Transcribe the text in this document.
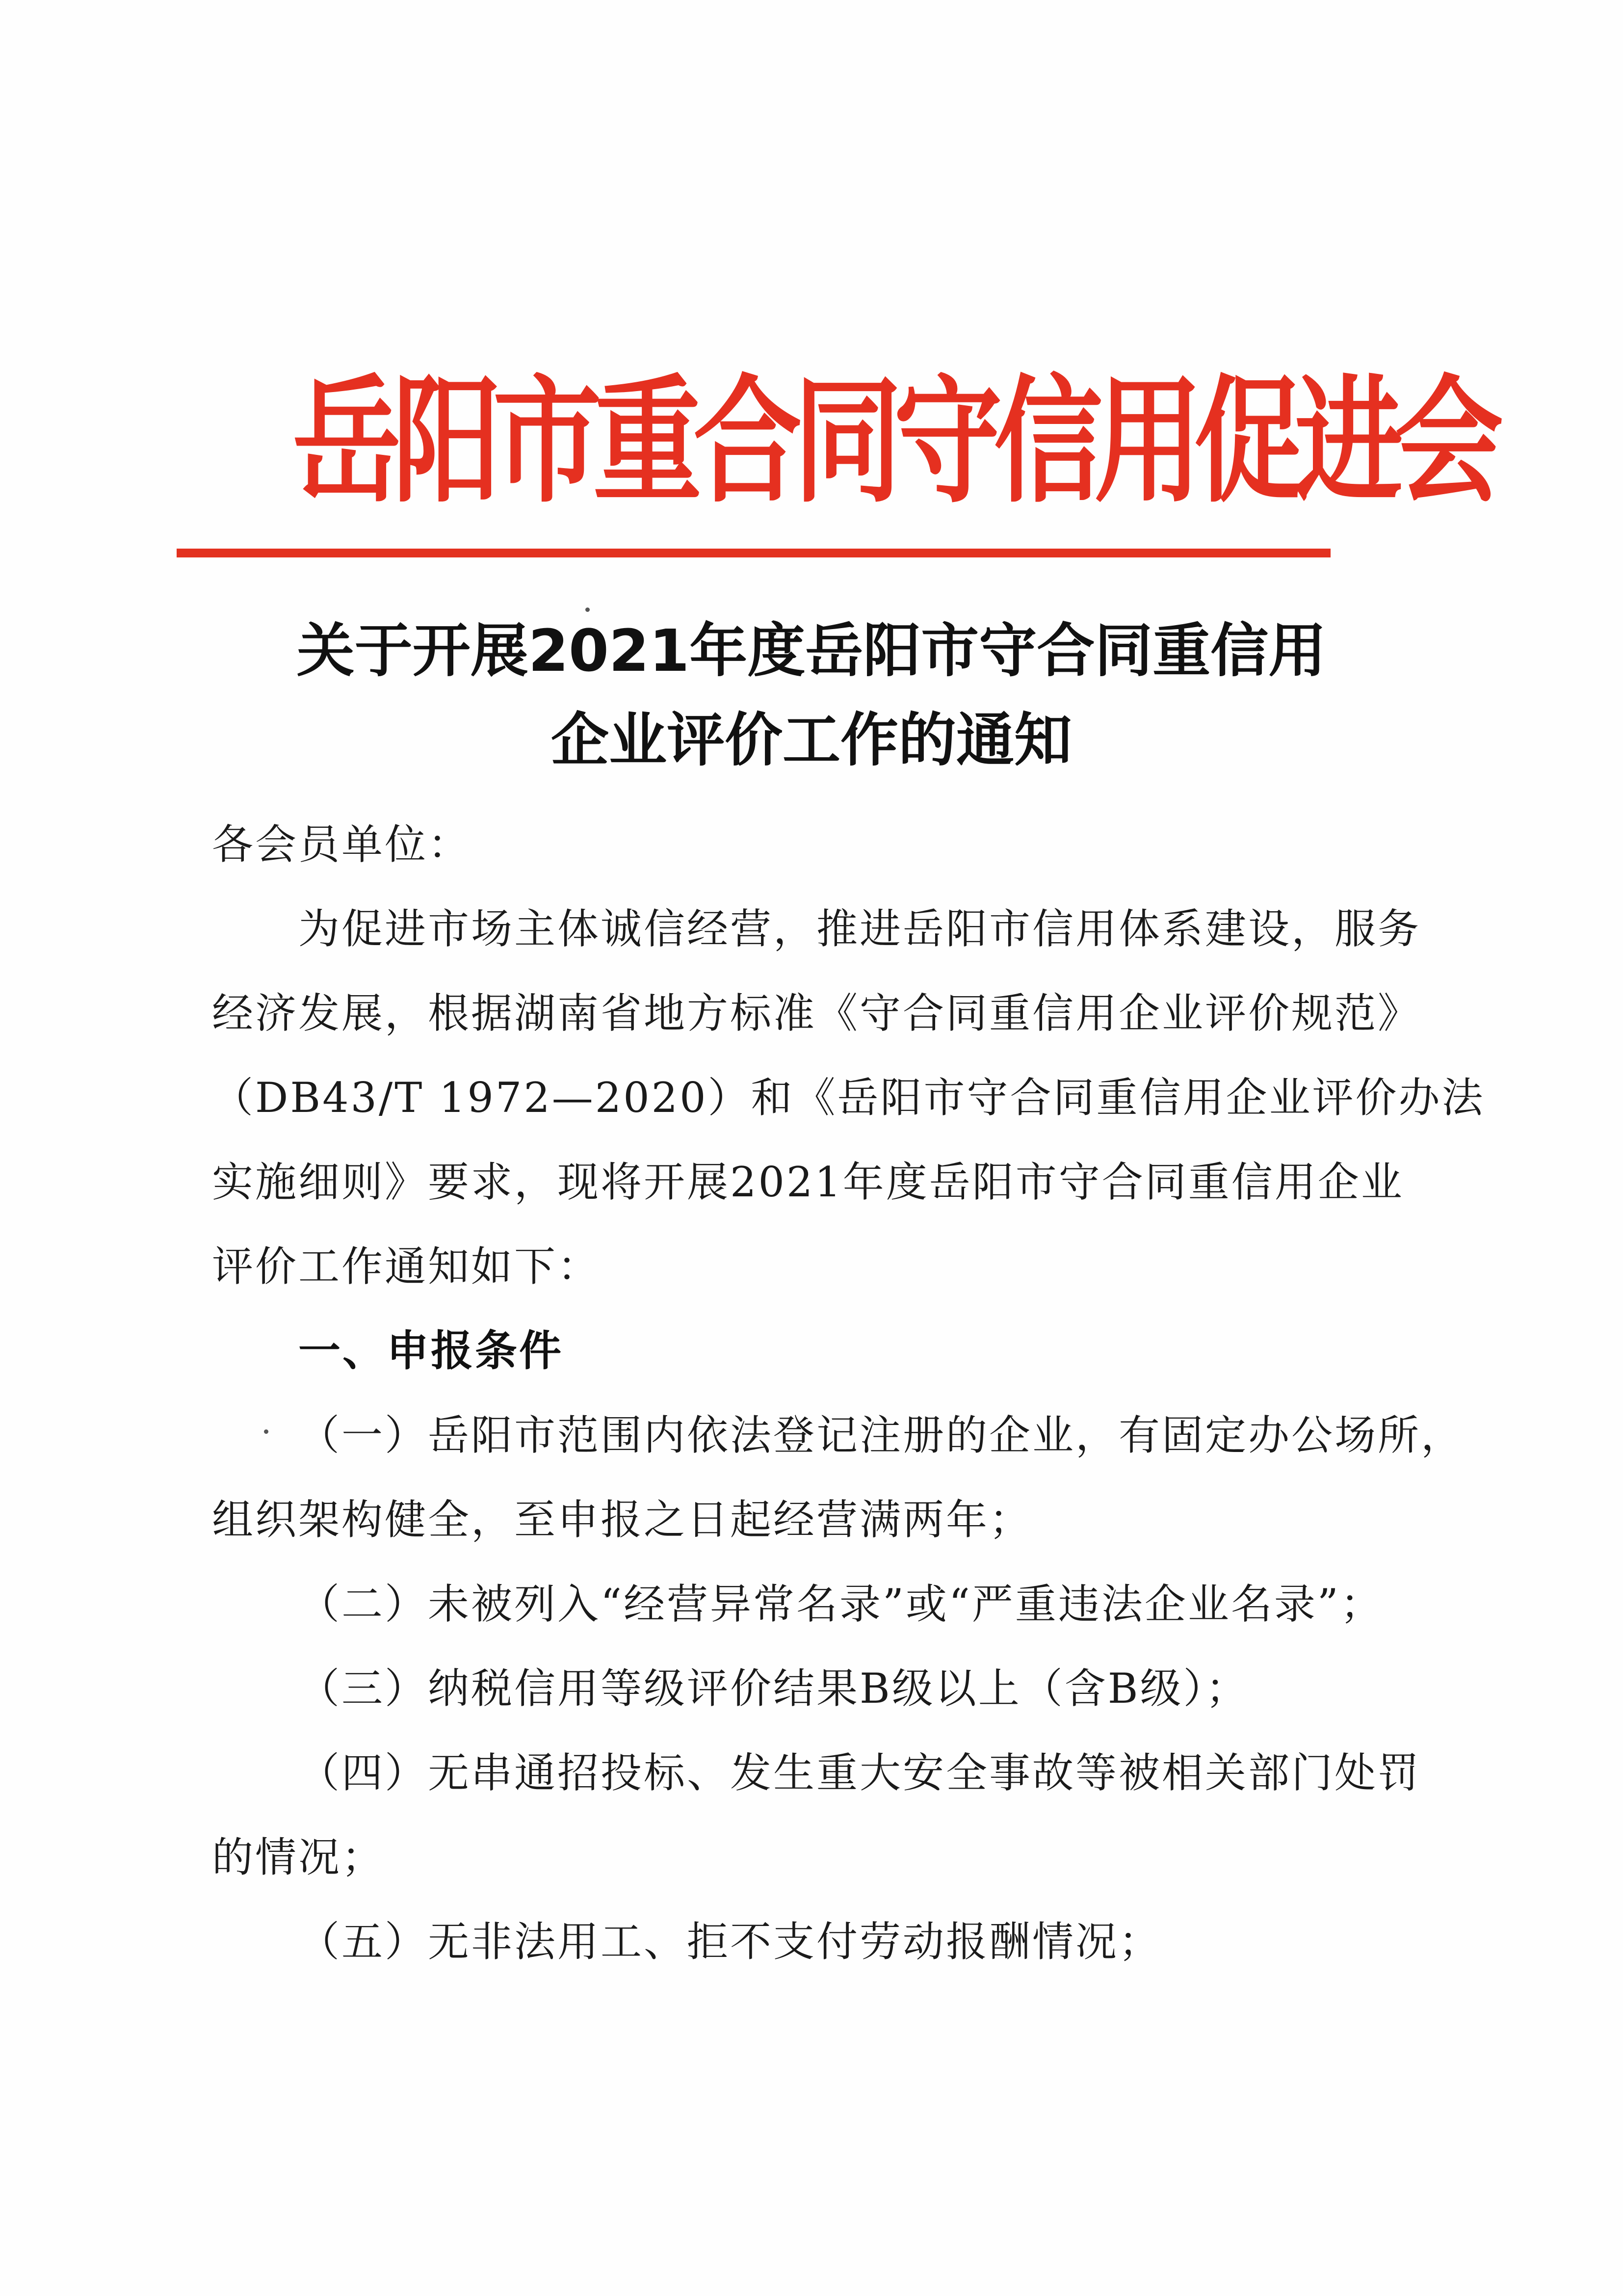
岳阳市重合同守信用促进会
关于开展2021年度岳阳市守合同重信用
企业评价工作的通知
各会员单位：
为促进市场主体诚信经营，推进岳阳市信用体系建设，服务
经济发展，根据湖南省地方标准《守合同重信用企业评价规范》
（DB43/T 1972—2020）和《岳阳市守合同重信用企业评价办法
实施细则》要求，现将开展2021年度岳阳市守合同重信用企业
评价工作通知如下：
一、申报条件
（一）岳阳市范围内依法登记注册的企业，有固定办公场所，
组织架构健全，至申报之日起经营满两年；
（二）未被列入“经营异常名录”或“严重违法企业名录”；
（三）纳税信用等级评价结果B级以上（含B级）；
（四）无串通招投标、发生重大安全事故等被相关部门处罚
的情况；
（五）无非法用工、拒不支付劳动报酬情况；
